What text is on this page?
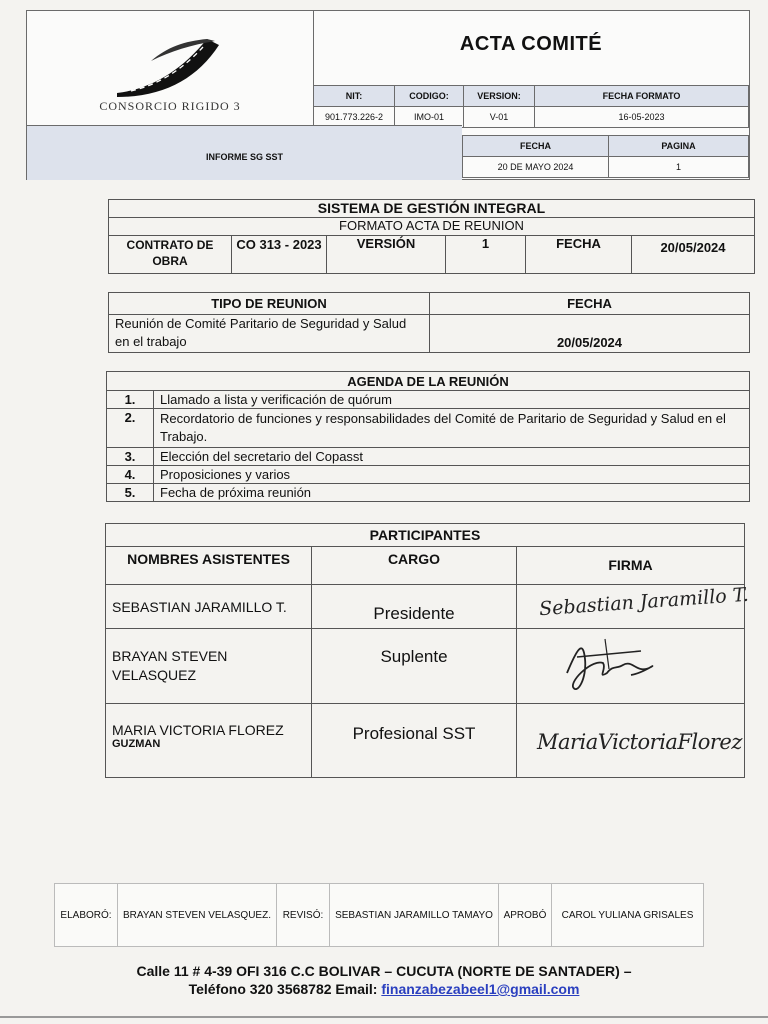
CONSORCIO RIGIDO 3
ACTA COMITÉ
NIT:	CODIGO:	VERSION:	FECHA FORMATO
901.773.226-2	IMO-01	V-01	16-05-2023
INFORME SG SST
FECHA	PAGINA
20 DE MAYO 2024	1
SISTEMA DE GESTIÓN INTEGRAL
FORMATO ACTA DE REUNION
CONTRATO DE OBRA	CO 313 - 2023	VERSIÓN	1	FECHA	20/05/2024
TIPO DE REUNION	FECHA
Reunión de Comité Paritario de Seguridad y Salud en el trabajo	20/05/2024
AGENDA DE LA REUNIÓN	
1.	Llamado a lista y verificación de quórum
2.	Recordatorio de funciones y responsabilidades del Comité de Paritario de Seguridad y Salud en el Trabajo.
3.	Elección del secretario del Copasst
4.	Proposiciones y varios
5.	Fecha de próxima reunión
PARTICIPANTES		
NOMBRES ASISTENTES	CARGO	FIRMA
SEBASTIAN JARAMILLO T.	Presidente	Sebastian Jaramillo T.

BRAYAN STEVEN
VELASQUEZ	Suplente	

MARIA VICTORIA FLOREZ
GUZMAN	Profesional SST	MariaVictoriaFlorez
ELABORÓ:	BRAYAN STEVEN VELASQUEZ.	REVISÓ:	SEBASTIAN JARAMILLO TAMAYO	APROBÓ	CAROL YULIANA GRISALES
Calle 11 # 4-39 OFI 316 C.C BOLIVAR – CUCUTA (NORTE DE SANTADER) –
Teléfono 320 3568782 Email: finanzabezabeel1@gmail.com
